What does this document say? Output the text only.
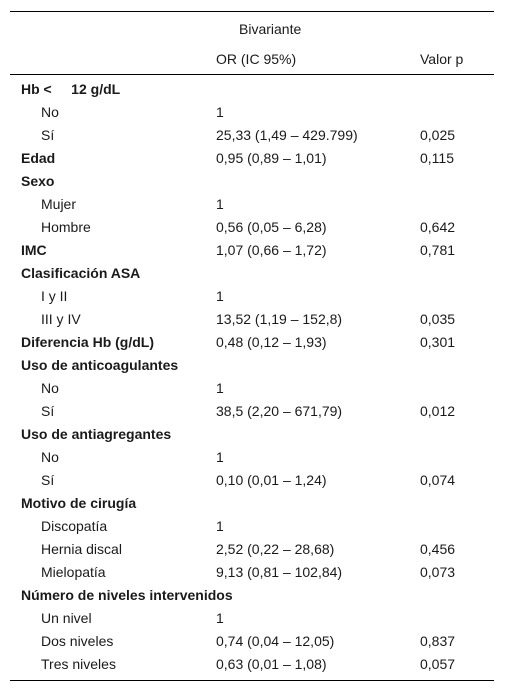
Bivariante
OR (IC 95%)	Valor p
Hb <     12 g/dL
No	1
Sí	25,33 (1,49 – 429.799)	0,025
Edad	0,95 (0,89 – 1,01)	0,115
Sexo
Mujer	1
Hombre	0,56 (0,05 – 6,28)	0,642
IMC	1,07 (0,66 – 1,72)	0,781
Clasificación ASA
I y II	1
III y IV	13,52 (1,19 – 152,8)	0,035
Diferencia Hb (g/dL)	0,48 (0,12 – 1,93)	0,301
Uso de anticoagulantes
No	1
Sí	38,5 (2,20 – 671,79)	0,012
Uso de antiagregantes
No	1
Sí	0,10 (0,01 – 1,24)	0,074
Motivo de cirugía
Discopatía	1
Hernia discal	2,52 (0,22 – 28,68)	0,456
Mielopatía	9,13 (0,81 – 102,84)	0,073
Número de niveles intervenidos
Un nivel	1
Dos niveles	0,74 (0,04 – 12,05)	0,837
Tres niveles	0,63 (0,01 – 1,08)	0,057
